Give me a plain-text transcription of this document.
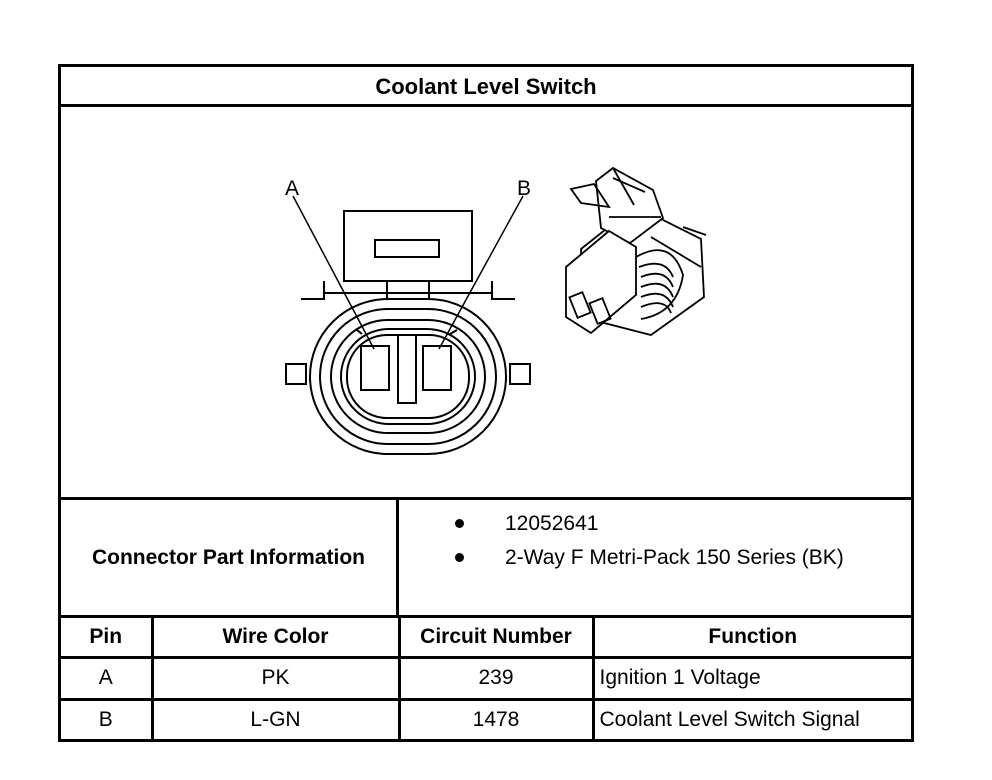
Coolant Level Switch
A	B
Connector Part Information
12052641
2-Way F Metri-Pack 150 Series (BK)
Pin	Wire Color	Circuit Number	Function
A	PK	239	Ignition 1 Voltage
B	L-GN	1478	Coolant Level Switch Signal
